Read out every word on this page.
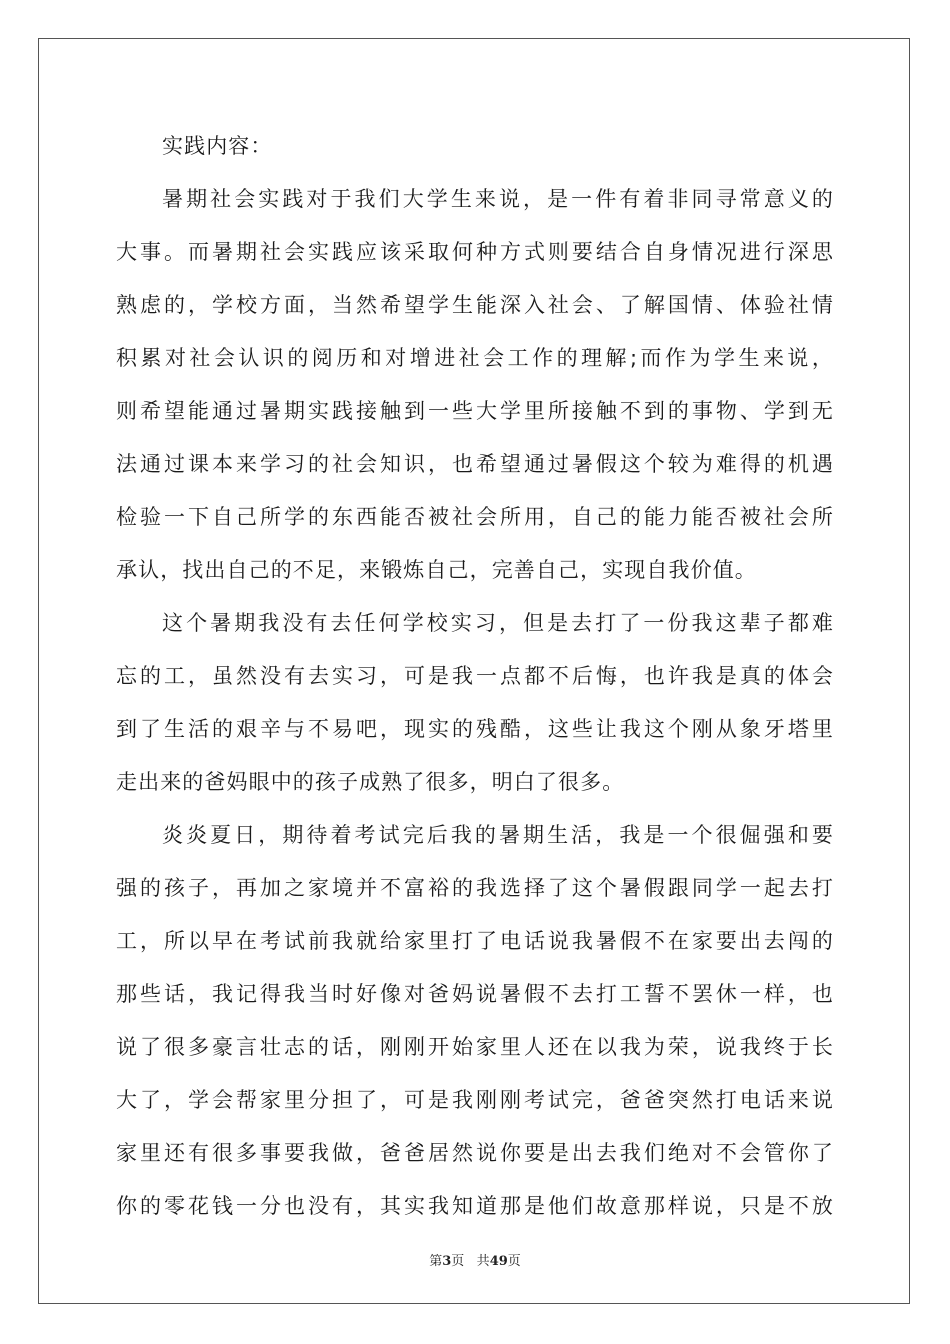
实践内容：
暑期社会实践对于我们大学生来说，是一件有着非同寻常意义的
大事。而暑期社会实践应该采取何种方式则要结合自身情况进行深思
熟虑的，学校方面，当然希望学生能深入社会、了解国情、体验社情
积累对社会认识的阅历和对增进社会工作的理解;而作为学生来说，
则希望能通过暑期实践接触到一些大学里所接触不到的事物、学到无
法通过课本来学习的社会知识，也希望通过暑假这个较为难得的机遇
检验一下自己所学的东西能否被社会所用，自己的能力能否被社会所
承认，找出自己的不足，来锻炼自己，完善自己，实现自我价值。
这个暑期我没有去任何学校实习，但是去打了一份我这辈子都难
忘的工，虽然没有去实习，可是我一点都不后悔，也许我是真的体会
到了生活的艰辛与不易吧，现实的残酷，这些让我这个刚从象牙塔里
走出来的爸妈眼中的孩子成熟了很多，明白了很多。
炎炎夏日，期待着考试完后我的暑期生活，我是一个很倔强和要
强的孩子，再加之家境并不富裕的我选择了这个暑假跟同学一起去打
工，所以早在考试前我就给家里打了电话说我暑假不在家要出去闯的
那些话，我记得我当时好像对爸妈说暑假不去打工誓不罢休一样，也
说了很多豪言壮志的话，刚刚开始家里人还在以我为荣，说我终于长
大了，学会帮家里分担了，可是我刚刚考试完，爸爸突然打电话来说
家里还有很多事要我做，爸爸居然说你要是出去我们绝对不会管你了
你的零花钱一分也没有，其实我知道那是他们故意那样说，只是不放
第3页 共49页
